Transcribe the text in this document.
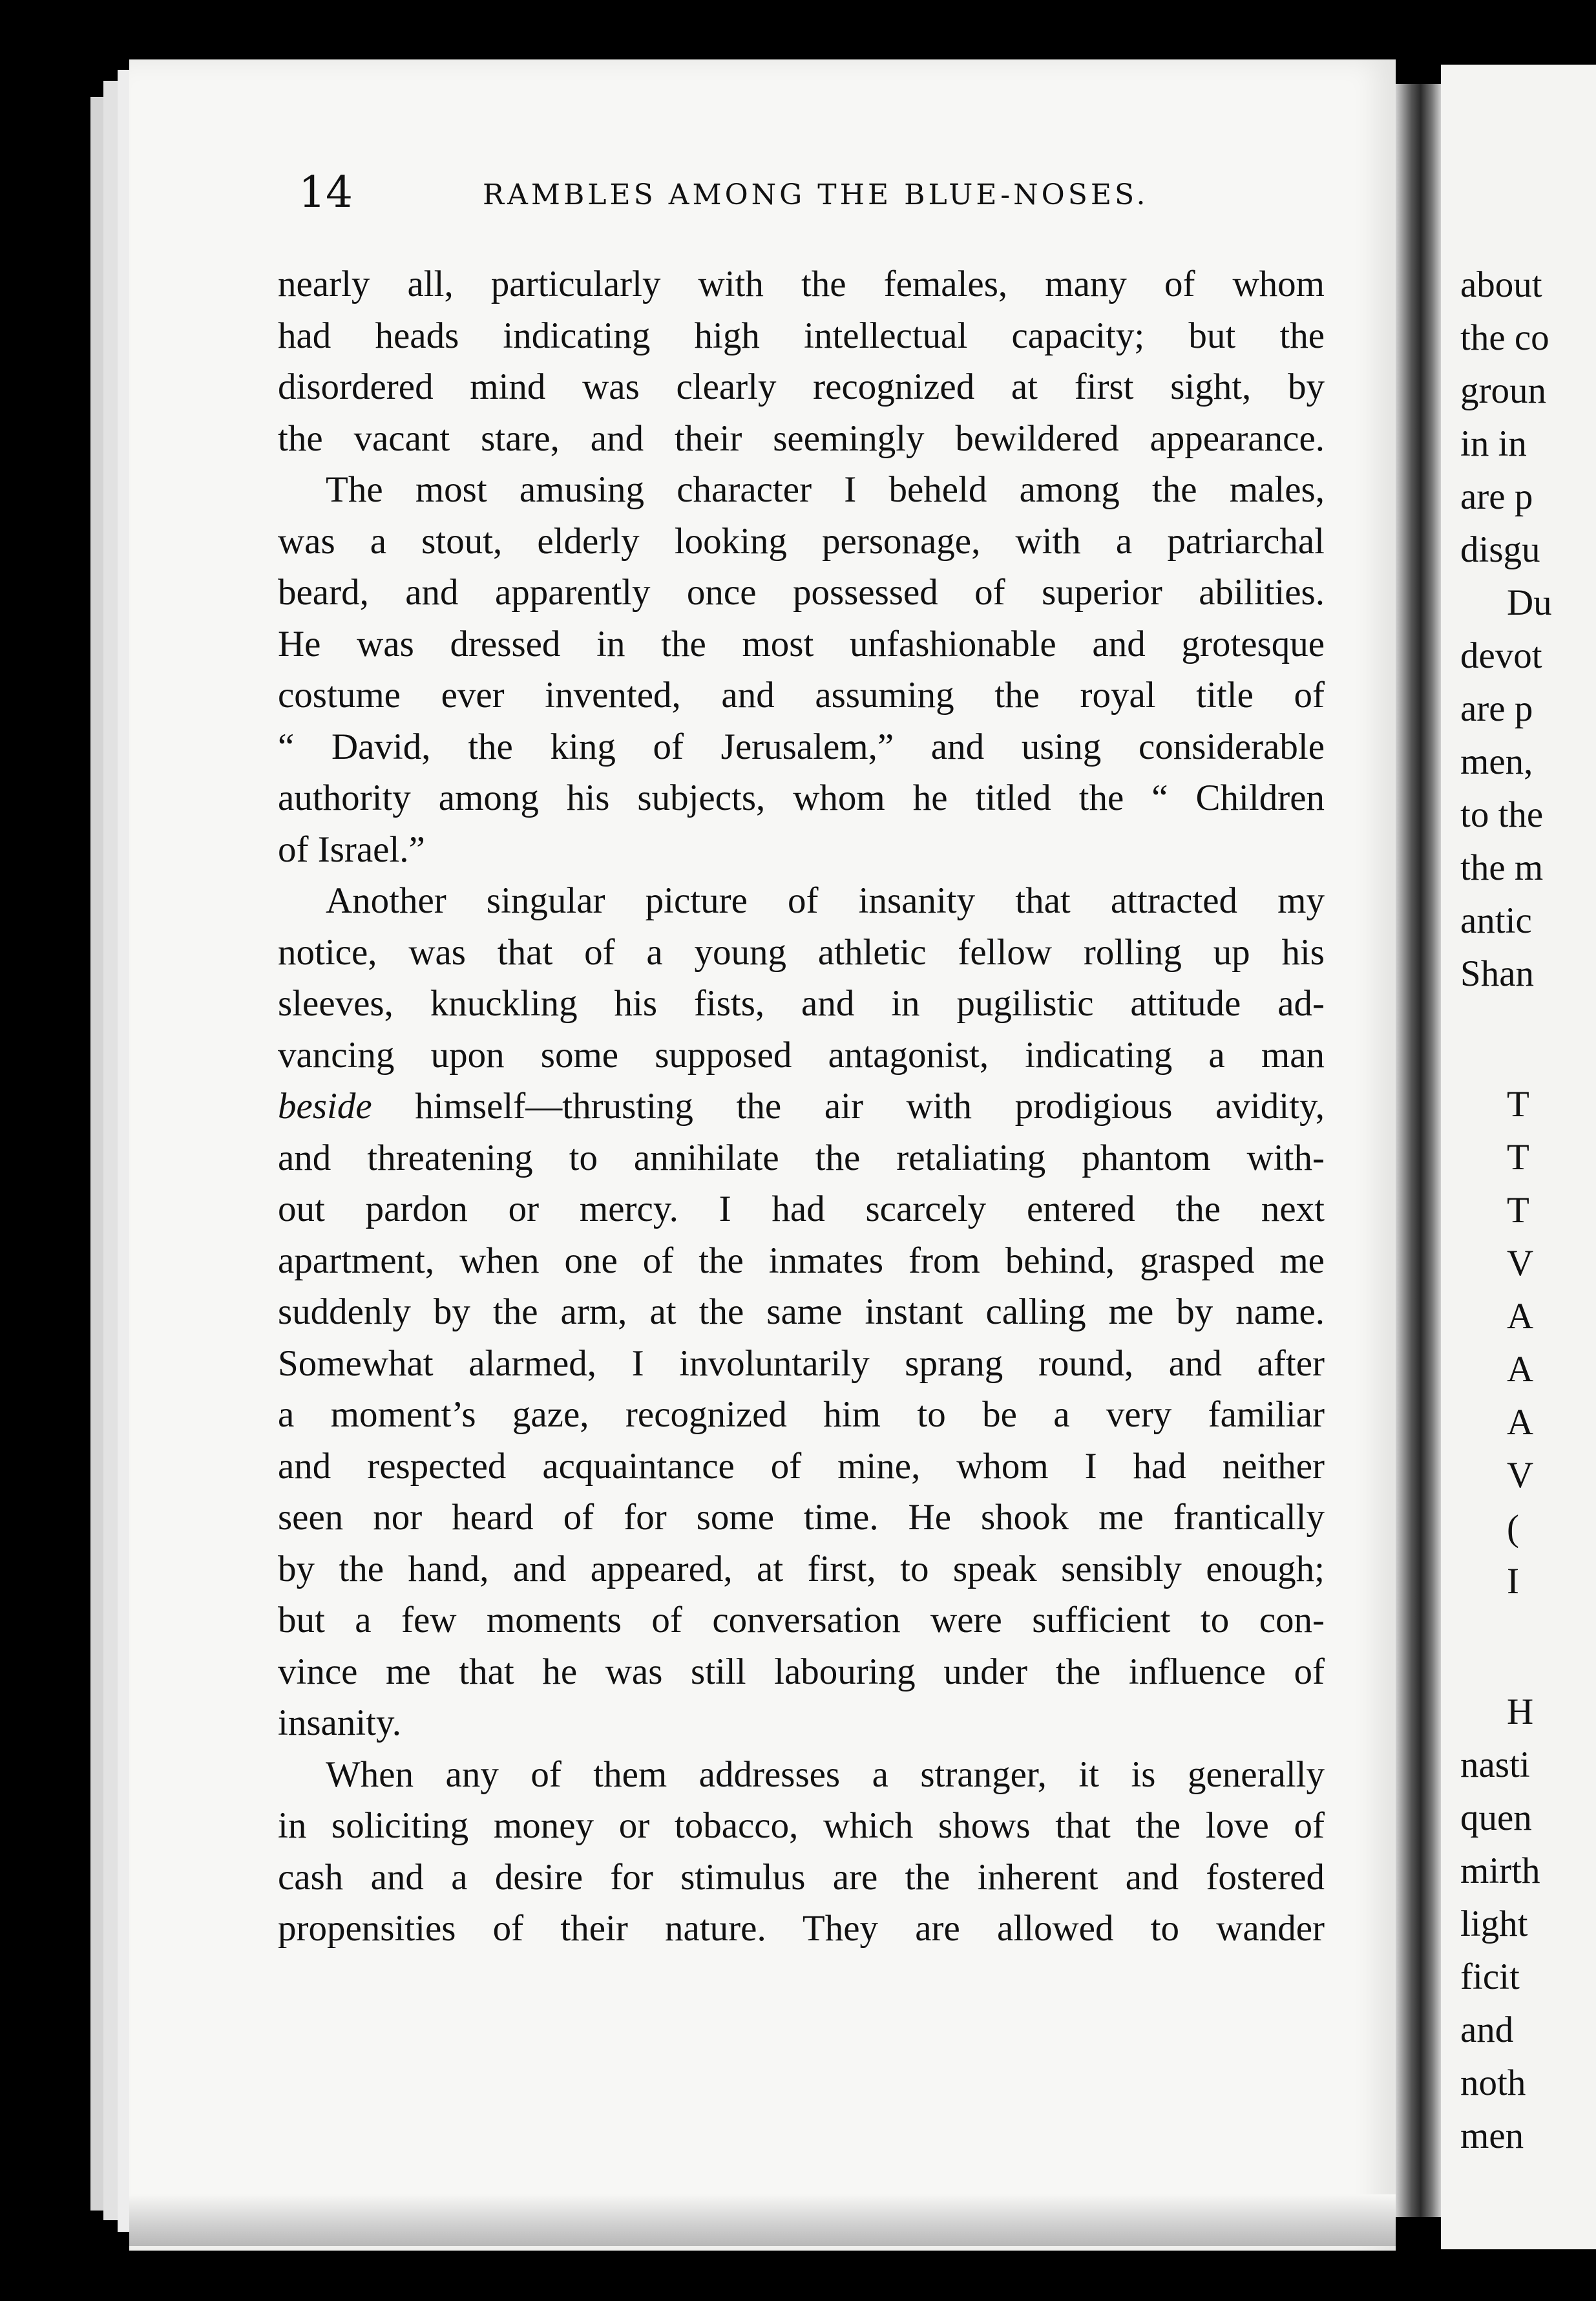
about
the co
groun
in in
are p
disgu
Du
devot
are p
men,
to the
the m
antic
Shan
T
T
T
V
A
A
A
V
(
I
H
nasti
quen
mirth
light
ficit
and
noth
men
14	RAMBLES AMONG THE BLUE-NOSES.
nearly all, particularly with the females, many of whom
had heads indicating high intellectual capacity; but the
disordered mind was clearly recognized at first sight, by
the vacant stare, and their seemingly bewildered appearance.
The most amusing character I beheld among the males,
was a stout, elderly looking personage, with a patriarchal
beard, and apparently once possessed of superior abilities.
He was dressed in the most unfashionable and grotesque
costume ever invented, and assuming the royal title of
“ David, the king of Jerusalem,” and using considerable
authority among his subjects, whom he titled the “ Children
of Israel.”
Another singular picture of insanity that attracted my
notice, was that of a young athletic fellow rolling up his
sleeves, knuckling his fists, and in pugilistic attitude ad-
vancing upon some supposed antagonist, indicating a man
beside himself—thrusting the air with prodigious avidity,
and threatening to annihilate the retaliating phantom with-
out pardon or mercy. I had scarcely entered the next
apartment, when one of the inmates from behind, grasped me
suddenly by the arm, at the same instant calling me by name.
Somewhat alarmed, I involuntarily sprang round, and after
a moment’s gaze, recognized him to be a very familiar
and respected acquaintance of mine, whom I had neither
seen nor heard of for some time. He shook me frantically
by the hand, and appeared, at first, to speak sensibly enough;
but a few moments of conversation were sufficient to con-
vince me that he was still labouring under the influence of
insanity.
When any of them addresses a stranger, it is generally
in soliciting money or tobacco, which shows that the love of
cash and a desire for stimulus are the inherent and fostered
propensities of their nature. They are allowed to wander
